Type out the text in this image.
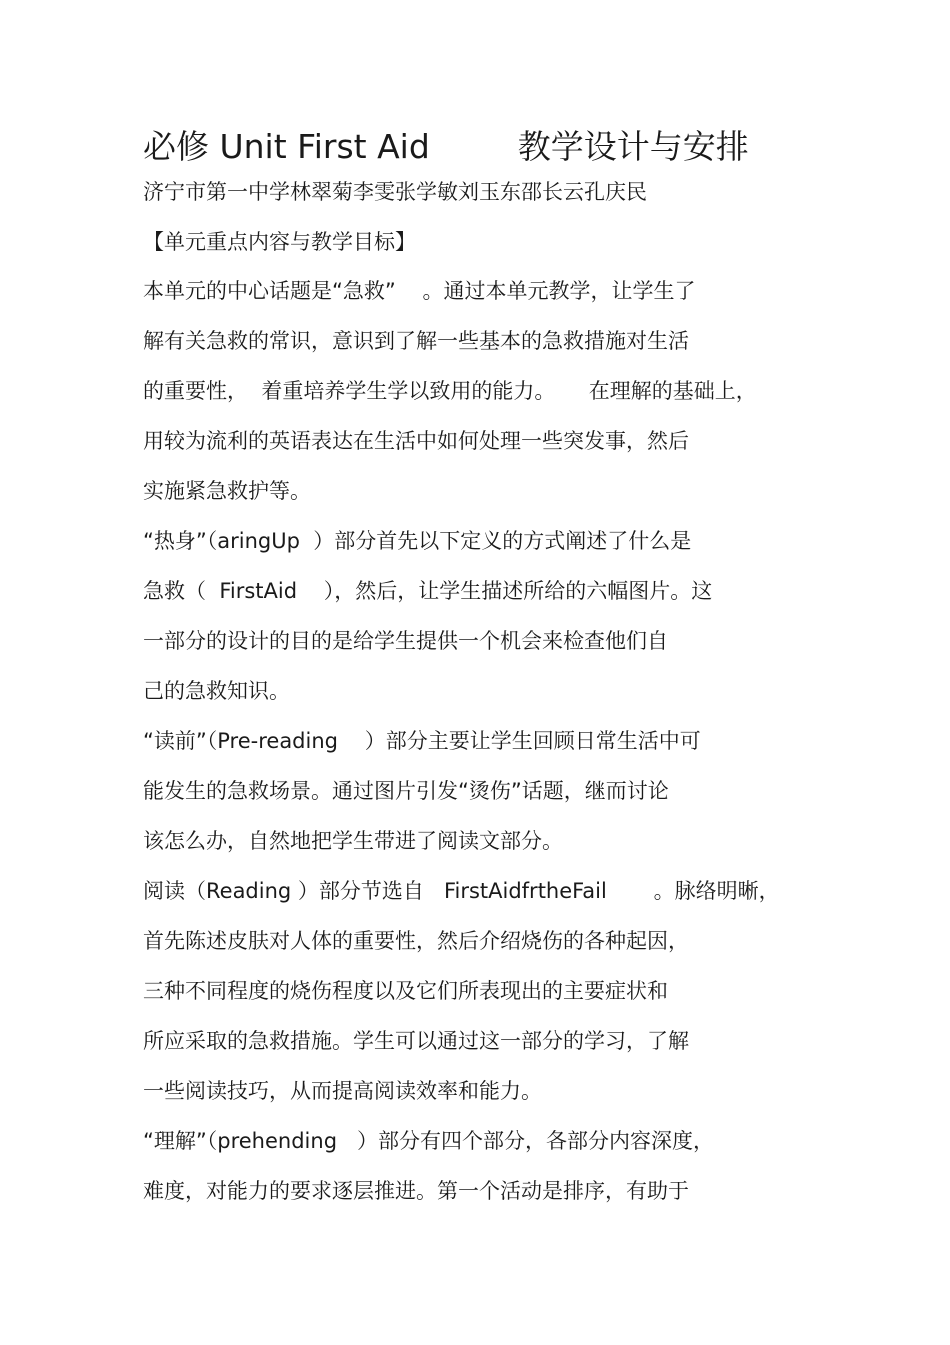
必修 Unit First Aid	教学设计与安排

济宁市第一中学林翠菊李雯张学敏刘玉东邵长云孔庆民

【单元重点内容与教学目标】

本单元的中心话题是“急救”    。通过本单元教学，让学生了

解有关急救的常识，意识到了解一些基本的急救措施对生活

的重要性，  着重培养学生学以致用的能力。     在理解的基础上，

用较为流利的英语表达在生活中如何处理一些突发事，然后

实施紧急救护等。

“热身”（aringUp  ）部分首先以下定义的方式阐述了什么是

急救（  FirstAid    ），然后，让学生描述所给的六幅图片。这

一部分的设计的目的是给学生提供一个机会来检查他们自

己的急救知识。

“读前”（Pre-reading    ）部分主要让学生回顾日常生活中可

能发生的急救场景。通过图片引发“烫伤”话题，继而讨论

该怎么办，自然地把学生带进了阅读文部分。

阅读（Reading ）部分节选自   FirstAidfrtheFail       。脉络明晰，

首先陈述皮肤对人体的重要性，然后介绍烧伤的各种起因，

三种不同程度的烧伤程度以及它们所表现出的主要症状和

所应采取的急救措施。学生可以通过这一部分的学习，了解

一些阅读技巧，从而提高阅读效率和能力。

“理解”（prehending   ）部分有四个部分，各部分内容深度，

难度，对能力的要求逐层推进。第一个活动是排序，有助于
